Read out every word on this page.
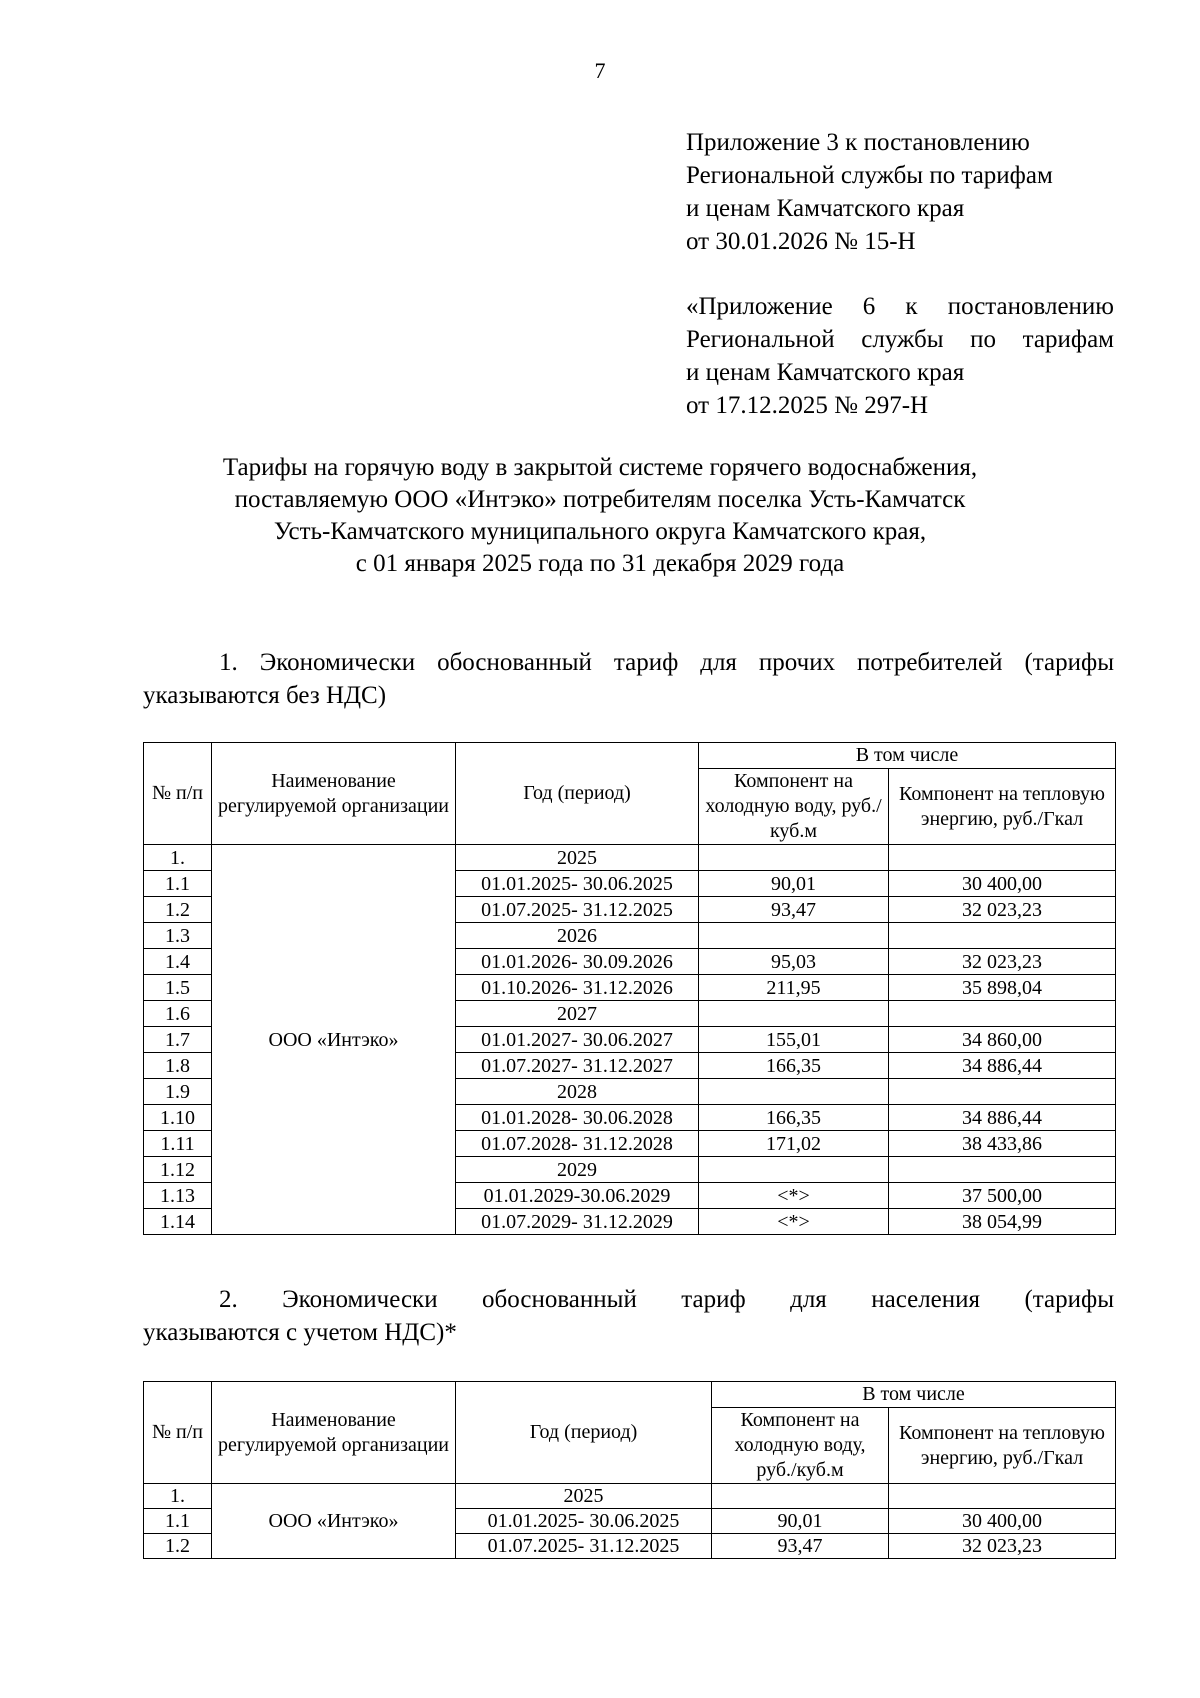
7
Приложение 3 к постановлению
Региональной службы по тарифам
и ценам Камчатского края
от 30.01.2026 № 15-Н
«Приложение 6 к постановлению
Региональной службы по тарифам
и ценам Камчатского края
от 17.12.2025 № 297-Н
Тарифы на горячую воду в закрытой системе горячего водоснабжения,
поставляемую ООО «Интэко» потребителям поселка Усть-Камчатск
Усть-Камчатского муниципального округа Камчатского края,
с 01 января 2025 года по 31 декабря 2029 года
1. Экономически обоснованный тариф для прочих потребителей (тарифы
указываются без НДС)
№ п/п	Наименование регулируемой организации	Год (период)	В том числе	
			Компонент на холодную воду, руб./куб.м	Компонент на тепловую энергию, руб./Гкал
1.	ООО «Интэко»	2025		
1.1		01.01.2025- 30.06.2025	90,01	30 400,00
1.2		01.07.2025- 31.12.2025	93,47	32 023,23
1.3		2026		
1.4		01.01.2026- 30.09.2026	95,03	32 023,23
1.5		01.10.2026- 31.12.2026	211,95	35 898,04
1.6		2027		
1.7		01.01.2027- 30.06.2027	155,01	34 860,00
1.8		01.07.2027- 31.12.2027	166,35	34 886,44
1.9		2028		
1.10		01.01.2028- 30.06.2028	166,35	34 886,44
1.11		01.07.2028- 31.12.2028	171,02	38 433,86
1.12		2029		
1.13		01.01.2029-30.06.2029	<*>	37 500,00
1.14		01.07.2029- 31.12.2029	<*>	38 054,99
2. Экономически обоснованный тариф для населения (тарифы
указываются с учетом НДС)*
№ п/п	Наименование регулируемой организации	Год (период)	В том числе	
			Компонент на холодную воду, руб./куб.м	Компонент на тепловую энергию, руб./Гкал
1.	ООО «Интэко»	2025		
1.1		01.01.2025- 30.06.2025	90,01	30 400,00
1.2		01.07.2025- 31.12.2025	93,47	32 023,23
